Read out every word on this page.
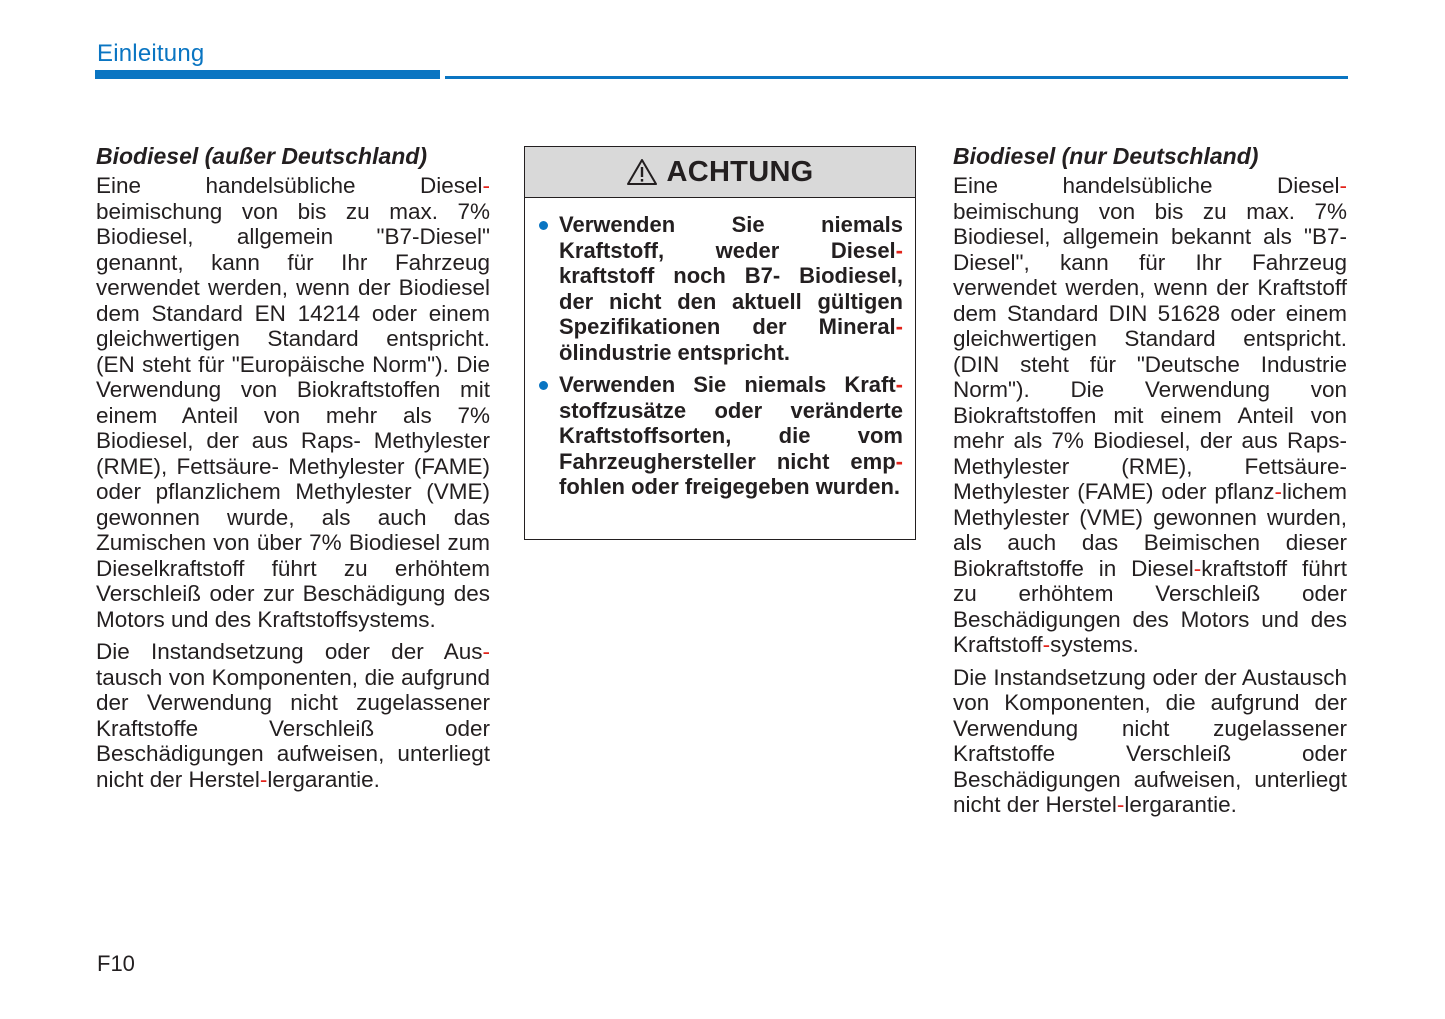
Einleitung
Biodiesel (außer Deutschland)

Eine handelsübliche Diesel-beimischung von bis zu max. 7% Biodiesel, allgemein "B7-Diesel" genannt, kann für Ihr Fahrzeug verwendet werden, wenn der Biodiesel dem Standard EN 14214 oder einem gleichwertigen Standard entspricht. (EN steht für "Europäische Norm"). Die Verwendung von Biokraftstoffen mit einem Anteil von mehr als 7% Biodiesel, der aus Raps- Methylester (RME), Fettsäure- Methylester (FAME) oder pflanzlichem Methylester (VME) gewonnen wurde, als auch das Zumischen von über 7% Biodiesel zum Dieselkraftstoff führt zu erhöhtem Verschleiß oder zur Beschädigung des Motors und des Kraftstoffsystems.

Die Instandsetzung oder der Aus-tausch von Komponenten, die aufgrund der Verwendung nicht zugelassener Kraftstoffe Verschleiß oder Beschädigungen aufweisen, unterliegt nicht der Herstel-lergarantie.

ACHTUNG
Verwenden Sie niemals Kraftstoff, weder Diesel-kraftstoff noch B7- Biodiesel, der nicht den aktuell gültigen Spezifikationen der Mineral-ölindustrie entspricht.
Verwenden Sie niemals Kraft-stoffzusätze oder veränderte Kraftstoffsorten, die vom Fahrzeughersteller nicht emp-fohlen oder freigegeben wurden.
Biodiesel (nur Deutschland)

Eine handelsübliche Diesel-beimischung von bis zu max. 7% Biodiesel, allgemein bekannt als "B7-Diesel", kann für Ihr Fahrzeug verwendet werden, wenn der Kraftstoff dem Standard DIN 51628 oder einem gleichwertigen Standard entspricht. (DIN steht für "Deutsche Industrie Norm"). Die Verwendung von Biokraftstoffen mit einem Anteil von mehr als 7% Biodiesel, der aus Raps- Methylester (RME), Fettsäure- Methylester (FAME) oder pflanz-lichem Methylester (VME) gewonnen wurden, als auch das Beimischen dieser Biokraftstoffe in Diesel-kraftstoff führt zu erhöhtem Verschleiß oder Beschädigungen des Motors und des Kraftstoff-systems.

Die Instandsetzung oder der Austausch von Komponenten, die aufgrund der Verwendung nicht zugelassener Kraftstoffe Verschleiß oder Beschädigungen aufweisen, unterliegt nicht der Herstel-lergarantie.

F10
